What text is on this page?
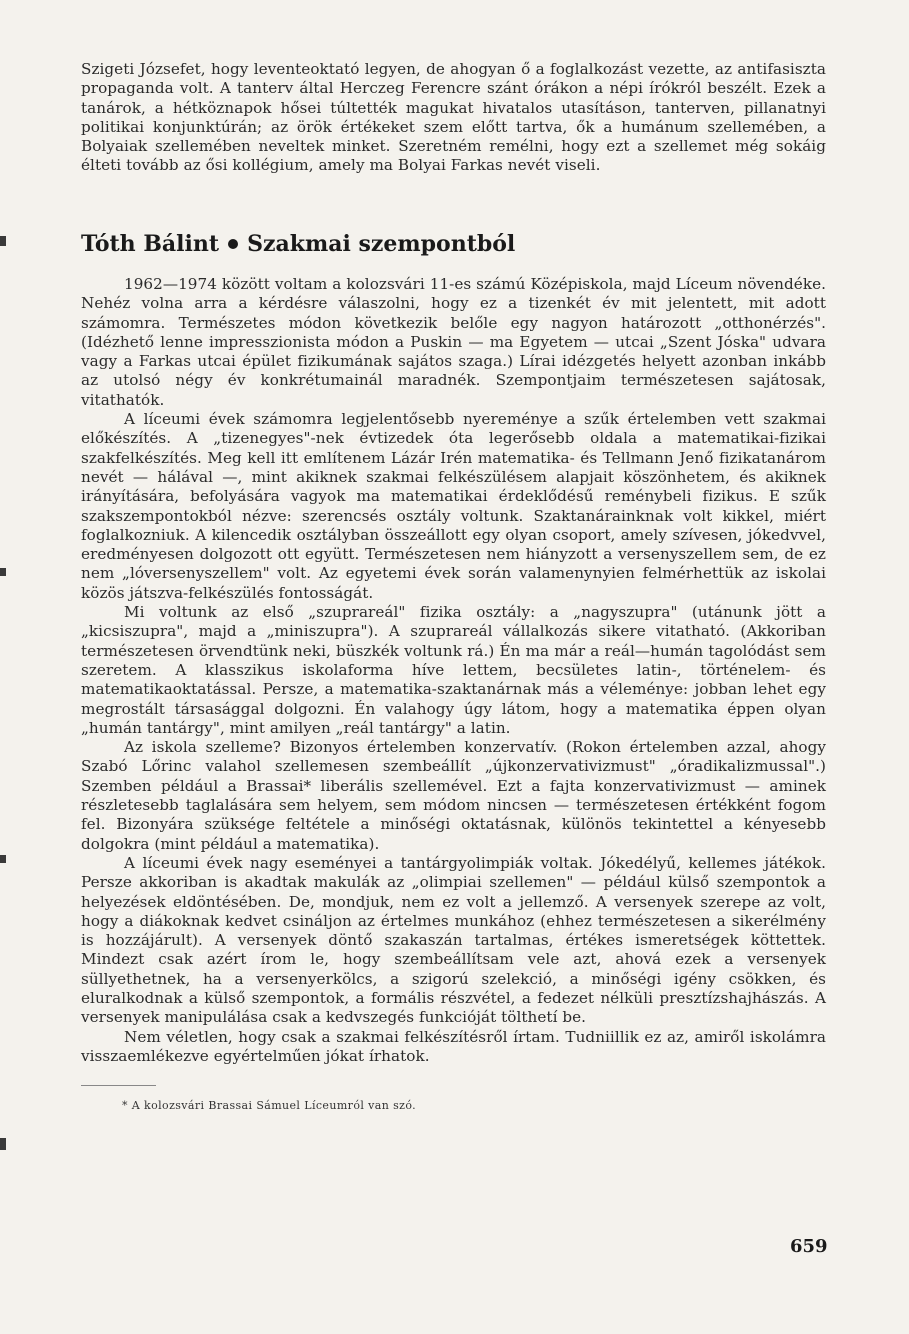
Szigeti Józsefet, hogy leventeoktató legyen, de ahogyan ő a foglalkozást vezette, az antifasiszta propaganda volt. A tanterv által Herczeg Ferencre szánt órákon a népi írókról beszélt. Ezek a tanárok, a hétköznapok hősei túltették magukat hivatalos utasításon, tanterven, pillanatnyi politikai konjunktúrán; az örök értékeket szem előtt tartva, ők a humánum szellemében, a Bolyaiak szellemében neveltek minket. Szeretném remélni, hogy ezt a szellemet még sokáig élteti tovább az ősi kollégium, amely ma Bolyai Farkas nevét viseli.

Tóth Bálint Szakmai szempontból

1962—1974 között voltam a kolozsvári 11-es számú Középiskola, majd Líceum növendéke. Nehéz volna arra a kérdésre válaszolni, hogy ez a tizenkét év mit jelentett, mit adott számomra. Természetes módon következik belőle egy nagyon határozott „otthonérzés". (Idézhető lenne impresszionista módon a Puskin — ma Egyetem — utcai „Szent Jóska" udvara vagy a Farkas utcai épület fizikumának sajátos szaga.) Lírai idézgetés helyett azonban inkább az utolsó négy év konkrétumainál maradnék. Szempontjaim természetesen sajátosak, vitathatók.

A líceumi évek számomra legjelentősebb nyereménye a szűk értelemben vett szakmai előkészítés. A „tizenegyes"-nek évtizedek óta legerősebb oldala a matematikai-fizikai szakfelkészítés. Meg kell itt említenem Lázár Irén matematika- és Tellmann Jenő fizikatanárom nevét — hálával —, mint akiknek szakmai felkészülésem alapjait köszönhetem, és akiknek irányítására, befolyására vagyok ma matematikai érdeklődésű reménybeli fizikus. E szűk szakszempontokból nézve: szerencsés osztály voltunk. Szaktanárainknak volt kikkel, miért foglalkozniuk. A kilencedik osztályban összeállott egy olyan csoport, amely szívesen, jókedvvel, eredményesen dolgozott ott együtt. Természetesen nem hiányzott a versenyszellem sem, de ez nem „lóversenyszellem" volt. Az egyetemi évek során valamenynyien felmérhettük az iskolai közös játszva-felkészülés fontosságát.

Mi voltunk az első „szuprareál" fizika osztály: a „nagyszupra" (utánunk jött a „kicsiszupra", majd a „miniszupra"). A szuprareál vállalkozás sikere vitatható. (Akkoriban természetesen örvendtünk neki, büszkék voltunk rá.) Én ma már a reál—humán tagolódást sem szeretem. A klasszikus iskolaforma híve lettem, becsületes latin-, történelem- és matematikaoktatással. Persze, a matematika-szaktanárnak más a véleménye: jobban lehet egy megrostált társasággal dolgozni. Én valahogy úgy látom, hogy a matematika éppen olyan „humán tantárgy", mint amilyen „reál tantárgy" a latin.

Az iskola szelleme? Bizonyos értelemben konzervatív. (Rokon értelemben azzal, ahogy Szabó Lőrinc valahol szellemesen szembeállít „újkonzervativizmust" „óradikalizmussal".) Szemben például a Brassai* liberális szellemével. Ezt a fajta konzervativizmust — aminek részletesebb taglalására sem helyem, sem módom nincsen — természetesen értékként fogom fel. Bizonyára szüksége feltétele a minőségi oktatásnak, különös tekintettel a kényesebb dolgokra (mint például a matematika).

A líceumi évek nagy eseményei a tantárgyolimpiák voltak. Jókedélyű, kellemes játékok. Persze akkoriban is akadtak makulák az „olimpiai szellemen" — például külső szempontok a helyezések eldöntésében. De, mondjuk, nem ez volt a jellemző. A versenyek szerepe az volt, hogy a diákoknak kedvet csináljon az értelmes munkához (ehhez természetesen a sikerélmény is hozzájárult). A versenyek döntő szakaszán tartalmas, értékes ismeretségek köttettek. Mindezt csak azért írom le, hogy szembeállítsam vele azt, ahová ezek a versenyek süllyethetnek, ha a versenyerkölcs, a szigorú szelekció, a minőségi igény csökken, és eluralkodnak a külső szempontok, a formális részvétel, a fedezet nélküli presztízshajhászás. A versenyek manipulálása csak a kedvszegés funkcióját tölthetí be.

Nem véletlen, hogy csak a szakmai felkészítésről írtam. Tudniillik ez az, amiről iskolámra visszaemlékezve egyértelműen jókat írhatok.

* A kolozsvári Brassai Sámuel Líceumról van szó.

659
